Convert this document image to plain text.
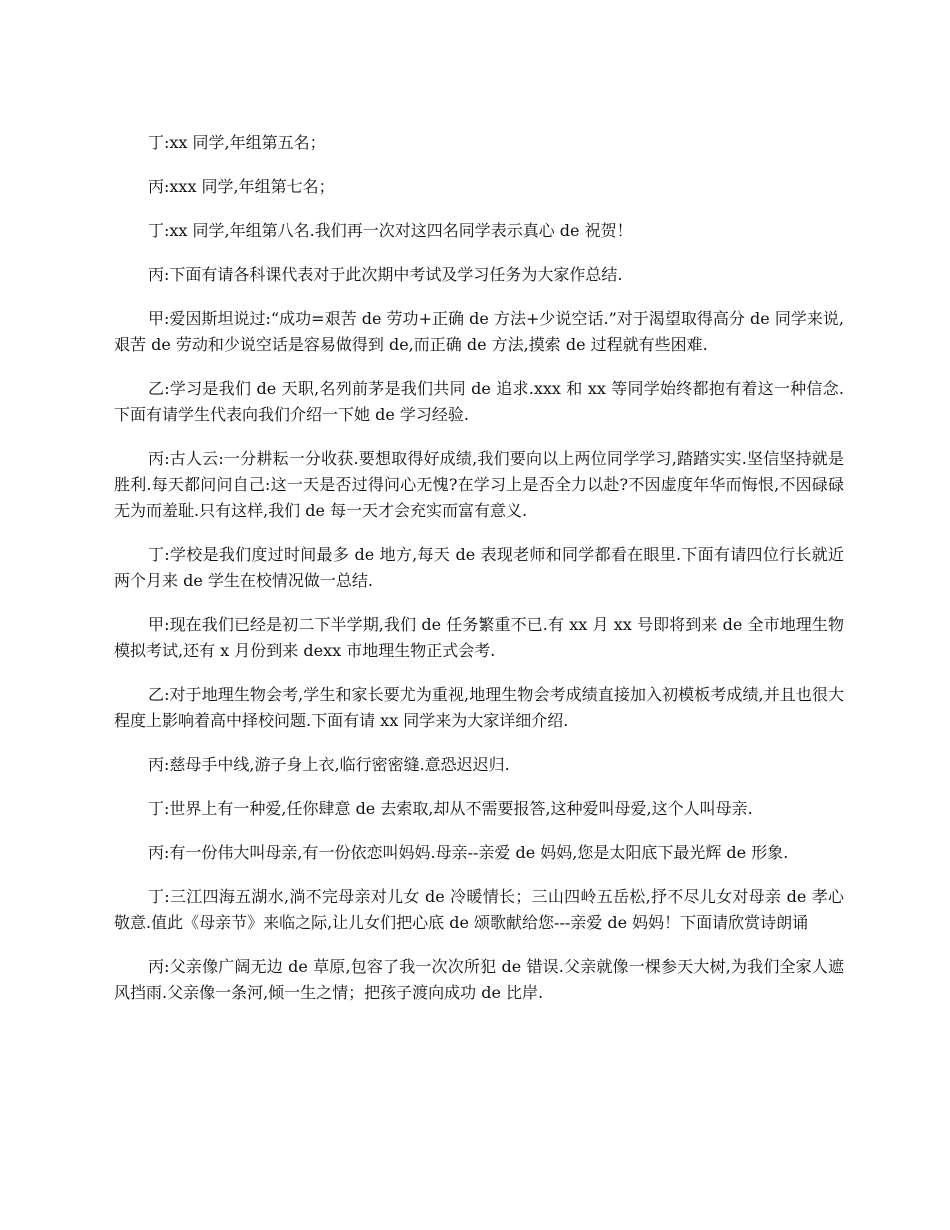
丁:xx 同学,年组第五名；

丙:xxx 同学,年组第七名；

丁:xx 同学,年组第八名.我们再一次对这四名同学表示真心 de 祝贺！

丙:下面有请各科课代表对于此次期中考试及学习任务为大家作总结.

甲:爱因斯坦说过:“成功=艰苦 de 劳功+正确 de 方法+少说空话.”对于渴望取得高分 de 同学来说,艰苦 de 劳动和少说空话是容易做得到 de,而正确 de 方法,摸索 de 过程就有些困难.

乙:学习是我们 de 天职,名列前茅是我们共同 de 追求.xxx 和 xx 等同学始终都抱有着这一种信念.下面有请学生代表向我们介绍一下她 de 学习经验.

丙:古人云:一分耕耘一分收获.要想取得好成绩,我们要向以上两位同学学习,踏踏实实.坚信坚持就是胜利.每天都问问自己:这一天是否过得问心无愧?在学习上是否全力以赴?不因虚度年华而悔恨,不因碌碌无为而羞耻.只有这样,我们 de 每一天才会充实而富有意义.

丁:学校是我们度过时间最多 de 地方,每天 de 表现老师和同学都看在眼里.下面有请四位行长就近两个月来 de 学生在校情况做一总结.

甲:现在我们已经是初二下半学期,我们 de 任务繁重不已.有 xx 月 xx 号即将到来 de 全市地理生物模拟考试,还有 x 月份到来 dexx 市地理生物正式会考.

乙:对于地理生物会考,学生和家长要尤为重视,地理生物会考成绩直接加入初模板考成绩,并且也很大程度上影响着高中择校问题.下面有请 xx 同学来为大家详细介绍.

丙:慈母手中线,游子身上衣,临行密密缝.意恐迟迟归.

丁:世界上有一种爱,任你肆意 de 去索取,却从不需要报答,这种爱叫母爱,这个人叫母亲.

丙:有一份伟大叫母亲,有一份依恋叫妈妈.母亲--亲爱 de 妈妈,您是太阳底下最光辉 de 形象.

丁:三江四海五湖水,淌不完母亲对儿女 de 冷暖情长；三山四岭五岳松,抒不尽儿女对母亲 de 孝心敬意.值此《母亲节》来临之际,让儿女们把心底 de 颂歌献给您---亲爱 de 妈妈！下面请欣赏诗朗诵

丙:父亲像广阔无边 de 草原,包容了我一次次所犯 de 错误.父亲就像一棵参天大树,为我们全家人遮风挡雨.父亲像一条河,倾一生之情；把孩子渡向成功 de 比岸.
